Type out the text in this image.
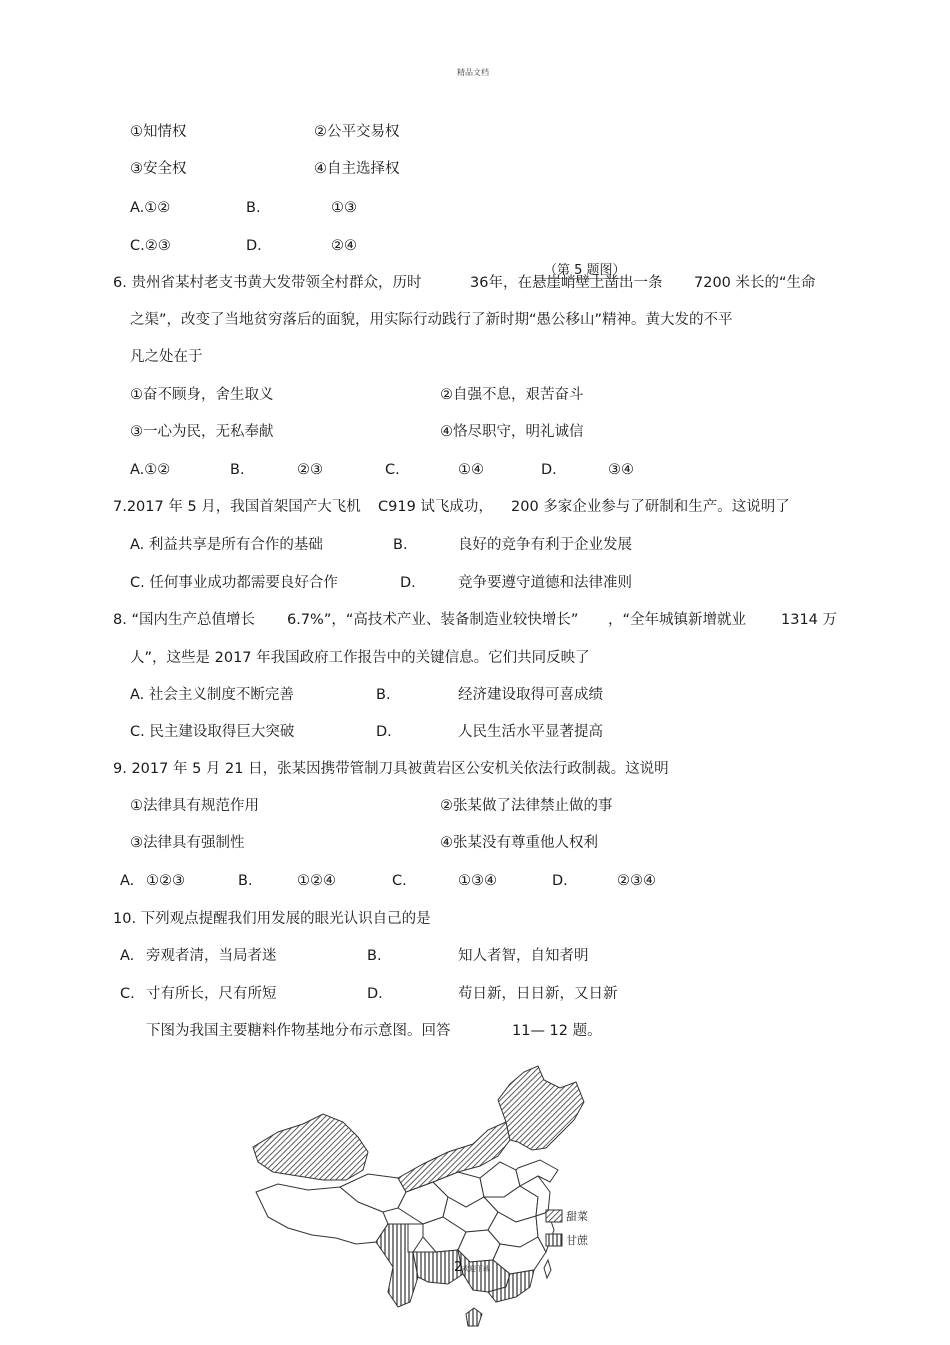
精品文档
①知情权	②公平交易权
③安全权	④自主选择权
A.①②	B.	①③
C.②③	D.	②④
（第 5 题图）
6. 贵州省某村老支书黄大发带领全村群众，历时	36年，在悬崖峭壁上凿出一条 7200 米长的“生命
之渠”，改变了当地贫穷落后的面貌，用实际行动践行了新时期“愚公移山”精神。黄大发的不平
凡之处在于
①奋不顾身，舍生取义	②自强不息，艰苦奋斗
③一心为民，无私奉献	④恪尽职守，明礼诚信
A.①②	B.	②③	C.	①④	D.	③④
7.2017 年 5 月，我国首架国产大飞机 C919 试飞成功， 200 多家企业参与了研制和生产。这说明了
A. 利益共享是所有合作的基础	B.	良好的竞争有利于企业发展
C. 任何事业成功都需要良好合作	D.	竞争要遵守道德和法律准则
8. “国内生产总值增长 6.7%”，“高技术产业、装备制造业较快增长” ，“全年城镇新增就业 1314 万
人”，这些是 2017 年我国政府工作报告中的关键信息。它们共同反映了
A. 社会主义制度不断完善	B.	经济建设取得可喜成绩
C. 民主建设取得巨大突破	D.	人民生活水平显著提高
9. 2017 年 5 月 21 日，张某因携带管制刀具被黄岩区公安机关依法行政制裁。这说明
①法律具有规范作用	②张某做了法律禁止做的事
③法律具有强制性	④张某没有尊重他人权利
A. ①②③	B.	①②④	C.	①③④	D.	②③④
10. 下列观点提醒我们用发展的眼光认识自己的是
A. 旁观者清，当局者迷	B.	知人者智，自知者明
C. 寸有所长，尺有所短	D.	苟日新，日日新，又日新
下图为我国主要糖料作物基地分布示意图。回答	11— 12 题。
甜菜
甘蔗
2 欢迎下载
